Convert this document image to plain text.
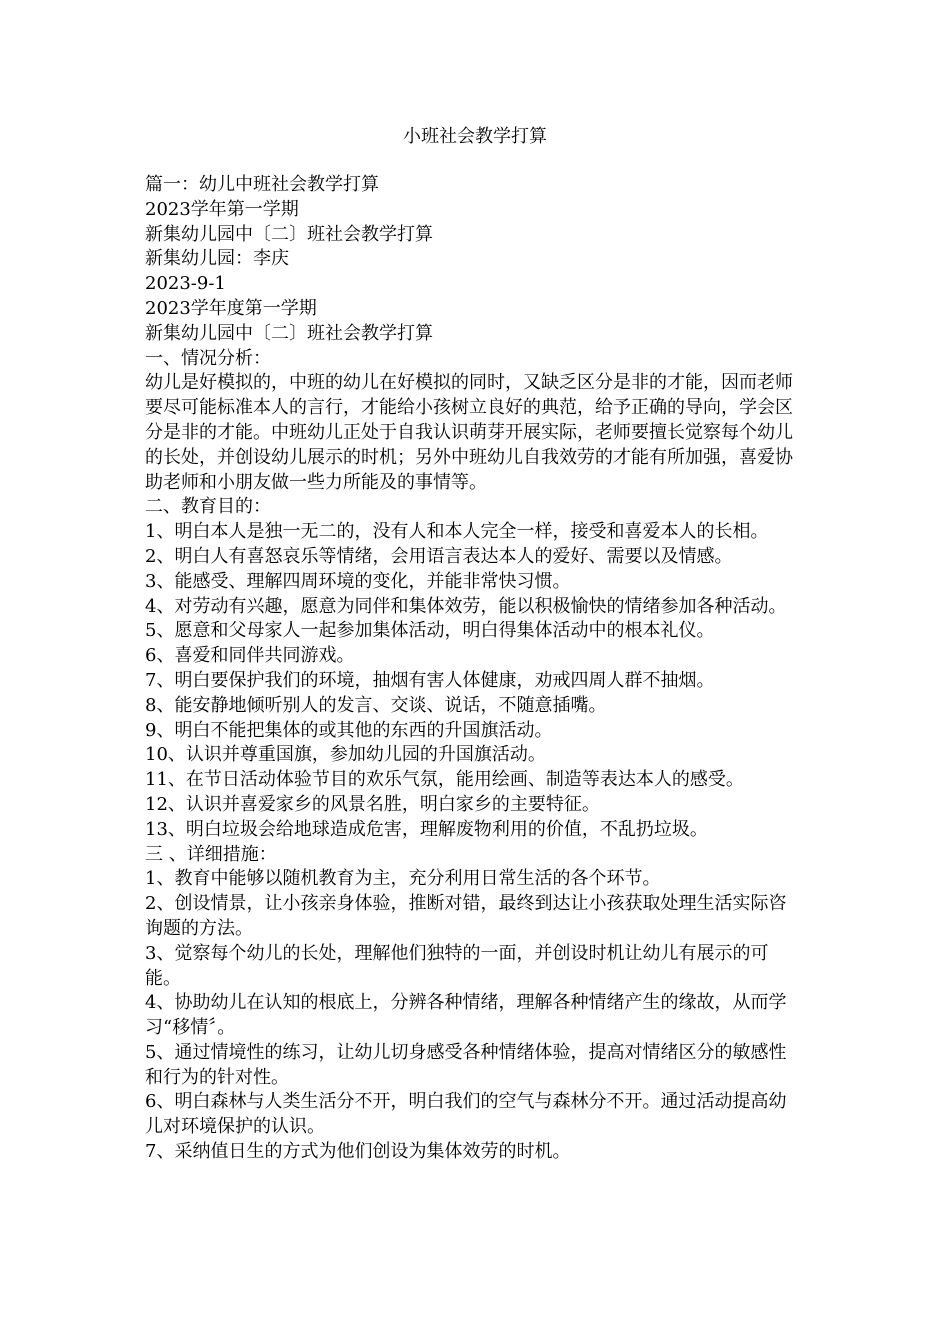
小班社会教学打算
篇一：幼儿中班社会教学打算
2023学年第一学期
新集幼儿园中〔二〕班社会教学打算
新集幼儿园：李庆
2023-9-1
2023学年度第一学期
新集幼儿园中〔二〕班社会教学打算
一、情况分析：
幼儿是好模拟的，中班的幼儿在好模拟的同时，又缺乏区分是非的才能，因而老师要尽可能标准本人的言行，才能给小孩树立良好的典范，给予正确的导向，学会区分是非的才能。中班幼儿正处于自我认识萌芽开展实际，老师要擅长觉察每个幼儿的长处，并创设幼儿展示的时机；另外中班幼儿自我效劳的才能有所加强，喜爱协助老师和小朋友做一些力所能及的事情等。
二、教育目的：
1、明白本人是独一无二的，没有人和本人完全一样，接受和喜爱本人的长相。
2、明白人有喜怒哀乐等情绪，会用语言表达本人的爱好、需要以及情感。
3、能感受、理解四周环境的变化，并能非常快习惯。
4、对劳动有兴趣，愿意为同伴和集体效劳，能以积极愉快的情绪参加各种活动。
5、愿意和父母家人一起参加集体活动，明白得集体活动中的根本礼仪。
6、喜爱和同伴共同游戏。
7、明白要保护我们的环境，抽烟有害人体健康，劝戒四周人群不抽烟。
8、能安静地倾听别人的发言、交谈、说话，不随意插嘴。
9、明白不能把集体的或其他的东西的升国旗活动。
10、认识并尊重国旗，参加幼儿园的升国旗活动。
11、在节日活动体验节目的欢乐气氛，能用绘画、制造等表达本人的感受。
12、认识并喜爱家乡的风景名胜，明白家乡的主要特征。
13、明白垃圾会给地球造成危害，理解废物利用的价值，不乱扔垃圾。
三 、详细措施：
1、教育中能够以随机教育为主，充分利用日常生活的各个环节。
2、创设情景，让小孩亲身体验，推断对错，最终到达让小孩获取处理生活实际咨询题的方法。
3、觉察每个幼儿的长处，理解他们独特的一面，并创设时机让幼儿有展示的可能。
4、协助幼儿在认知的根底上，分辨各种情绪，理解各种情绪产生的缘故，从而学习“移情〞。
5、通过情境性的练习，让幼儿切身感受各种情绪体验，提高对情绪区分的敏感性和行为的针对性。
6、明白森林与人类生活分不开，明白我们的空气与森林分不开。通过活动提高幼儿对环境保护的认识。
7、采纳值日生的方式为他们创设为集体效劳的时机。
